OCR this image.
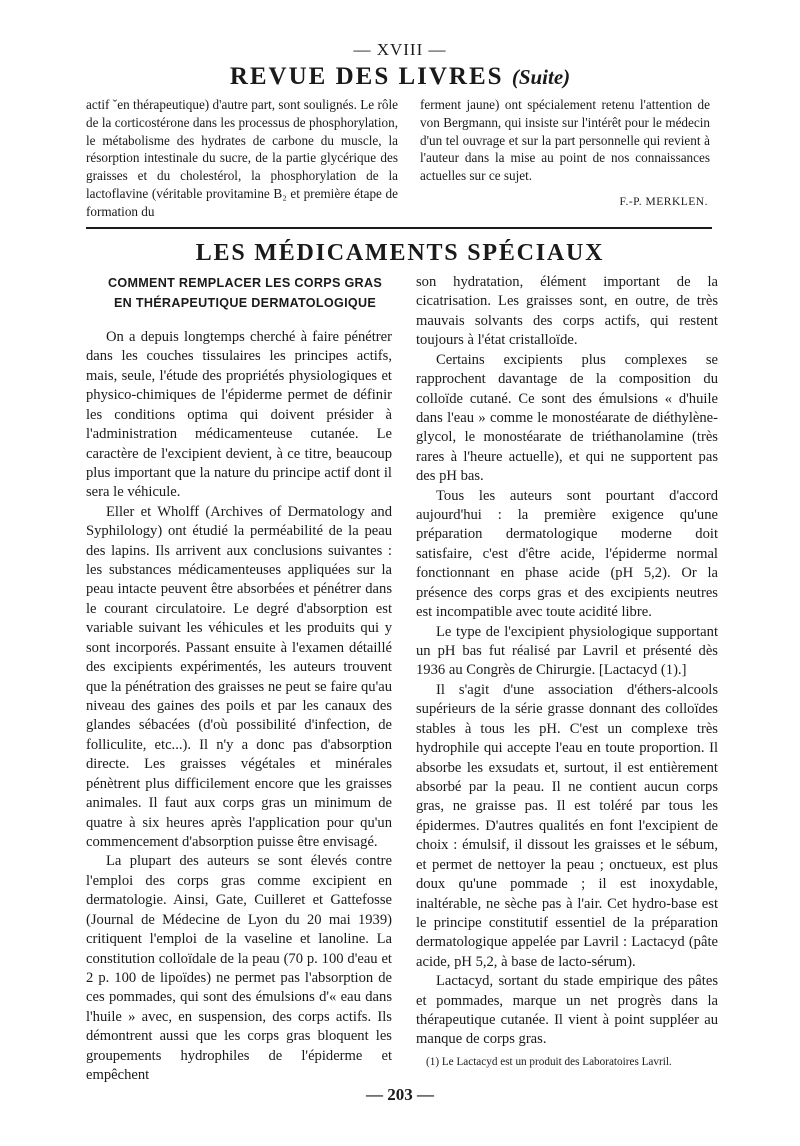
— XVIII —
REVUE DES LIVRES (Suite)
actif ˇen thérapeutique) d'autre part, sont soulignés. Le rôle de la corticostérone dans les processus de phosphorylation, le métabolisme des hydrates de carbone du muscle, la résorption intestinale du sucre, de la partie glycérique des graisses et du cholestérol, la phosphorylation de la lactoflavine (véritable provitamine B₂ et première étape de formation du
ferment jaune) ont spécialement retenu l'attention de von Bergmann, qui insiste sur l'intérêt pour le médecin d'un tel ouvrage et sur la part personnelle qui revient à l'auteur dans la mise au point de nos connaissances actuelles sur ce sujet.
F.-P. MERKLEN.
LES MÉDICAMENTS SPÉCIAUX
COMMENT REMPLACER LES CORPS GRAS
EN THÉRAPEUTIQUE DERMATOLOGIQUE

On a depuis longtemps cherché à faire pénétrer dans les couches tissulaires les principes actifs, mais, seule, l'étude des propriétés physiologiques et physico-chimiques de l'épiderme permet de définir les conditions optima qui doivent présider à l'administration médicamenteuse cutanée. Le caractère de l'excipient devient, à ce titre, beaucoup plus important que la nature du principe actif dont il sera le véhicule.

Eller et Wholff (Archives of Dermatology and Syphilology) ont étudié la perméabilité de la peau des lapins. Ils arrivent aux conclusions suivantes : les substances médicamenteuses appliquées sur la peau intacte peuvent être absorbées et pénétrer dans le courant circulatoire. Le degré d'absorption est variable suivant les véhicules et les produits qui y sont incorporés. Passant ensuite à l'examen détaillé des excipients expérimentés, les auteurs trouvent que la pénétration des graisses ne peut se faire qu'au niveau des gaines des poils et par les canaux des glandes sébacées (d'où possibilité d'infection, de folliculite, etc...). Il n'y a donc pas d'absorption directe. Les graisses végétales et minérales pénètrent plus difficilement encore que les graisses animales. Il faut aux corps gras un minimum de quatre à six heures après l'application pour qu'un commencement d'absorption puisse être envisagé.

La plupart des auteurs se sont élevés contre l'emploi des corps gras comme excipient en dermatologie. Ainsi, Gate, Cuilleret et Gattefosse (Journal de Médecine de Lyon du 20 mai 1939) critiquent l'emploi de la vaseline et lanoline. La constitution colloïdale de la peau (70 p. 100 d'eau et 2 p. 100 de lipoïdes) ne permet pas l'absorption de ces pommades, qui sont des émulsions d'« eau dans l'huile » avec, en suspension, des corps actifs. Ils démontrent aussi que les corps gras bloquent les groupements hydrophiles de l'épiderme et empêchent

son hydratation, élément important de la cicatrisation. Les graisses sont, en outre, de très mauvais solvants des corps actifs, qui restent toujours à l'état cristalloïde.

Certains excipients plus complexes se rapprochent davantage de la composition du colloïde cutané. Ce sont des émulsions « d'huile dans l'eau » comme le monostéarate de diéthylène-glycol, le monostéarate de triéthanolamine (très rares à l'heure actuelle), et qui ne supportent pas des pH bas.

Tous les auteurs sont pourtant d'accord aujourd'hui : la première exigence qu'une préparation dermatologique moderne doit satisfaire, c'est d'être acide, l'épiderme normal fonctionnant en phase acide (pH 5,2). Or la présence des corps gras et des excipients neutres est incompatible avec toute acidité libre.

Le type de l'excipient physiologique supportant un pH bas fut réalisé par Lavril et présenté dès 1936 au Congrès de Chirurgie. [Lactacyd (1).]

Il s'agit d'une association d'éthers-alcools supérieurs de la série grasse donnant des colloïdes stables à tous les pH. C'est un complexe très hydrophile qui accepte l'eau en toute proportion. Il absorbe les exsudats et, surtout, il est entièrement absorbé par la peau. Il ne contient aucun corps gras, ne graisse pas. Il est toléré par tous les épidermes. D'autres qualités en font l'excipient de choix : émulsif, il dissout les graisses et le sébum, et permet de nettoyer la peau ; onctueux, est plus doux qu'une pommade ; il est inoxydable, inaltérable, ne sèche pas à l'air. Cet hydro-base est le principe constitutif essentiel de la préparation dermatologique appelée par Lavril : Lactacyd (pâte acide, pH 5,2, à base de lacto-sérum).

Lactacyd, sortant du stade empirique des pâtes et pommades, marque un net progrès dans la thérapeutique cutanée. Il vient à point suppléer au manque de corps gras.

(1) Le Lactacyd est un produit des Laboratoires Lavril.
— 203 —
